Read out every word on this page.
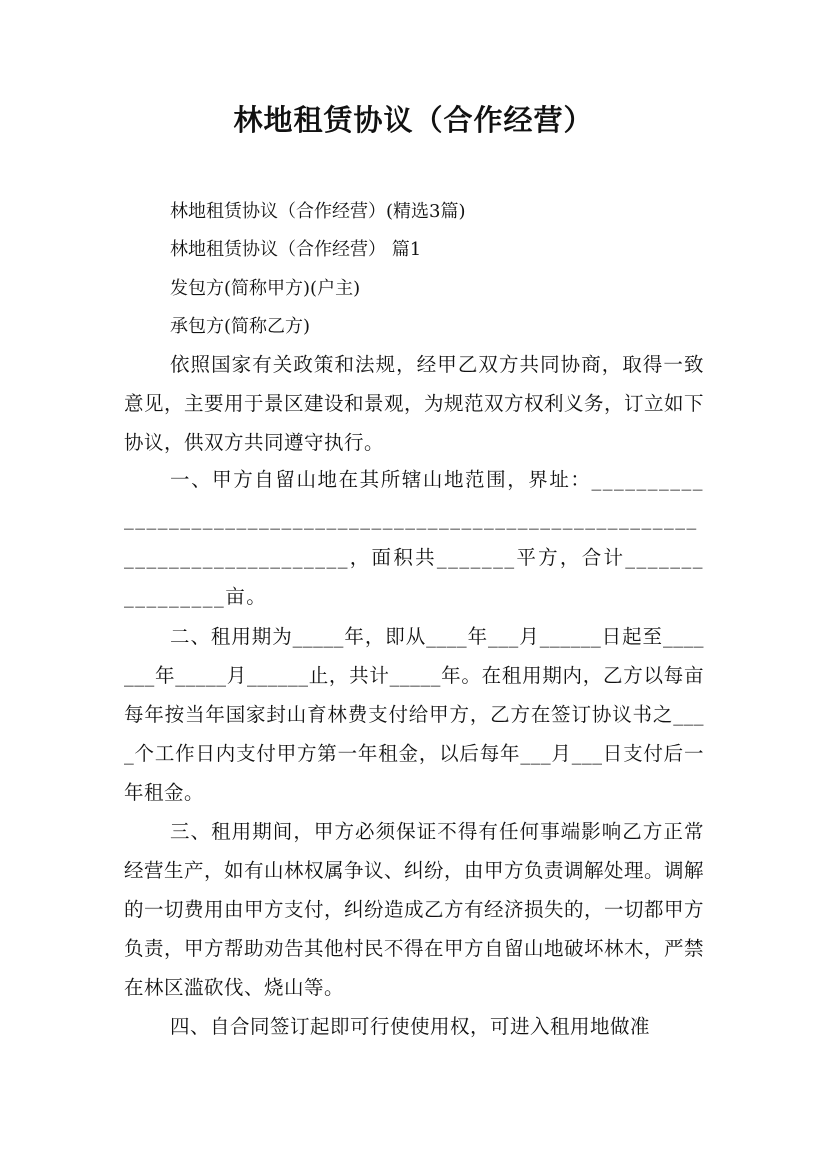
林地租赁协议（合作经营）
林地租赁协议（合作经营）(精选3篇)
林地租赁协议（合作经营） 篇1
发包方(简称甲方)(户主)
承包方(简称乙方)
依照国家有关政策和法规，经甲乙双方共同协商，取得一致意见，主要用于景区建设和景观，为规范双方权利义务，订立如下协议，供双方共同遵守执行。
一、甲方自留山地在其所辖山地范围，界址：_________________________________________________________________________________，面积共_______平方，合计________________亩。
二、租用期为_____年，即从____年___月______日起至_______年_____月______止，共计_____年。在租用期内，乙方以每亩每年按当年国家封山育林费支付给甲方，乙方在签订协议书之____个工作日内支付甲方第一年租金，以后每年___月___日支付后一年租金。
三、租用期间，甲方必须保证不得有任何事端影响乙方正常经营生产，如有山林权属争议、纠纷，由甲方负责调解处理。调解的一切费用由甲方支付，纠纷造成乙方有经济损失的，一切都甲方负责，甲方帮助劝告其他村民不得在甲方自留山地破坏林木，严禁在林区滥砍伐、烧山等。
四、自合同签订起即可行使使用权，可进入租用地做准
